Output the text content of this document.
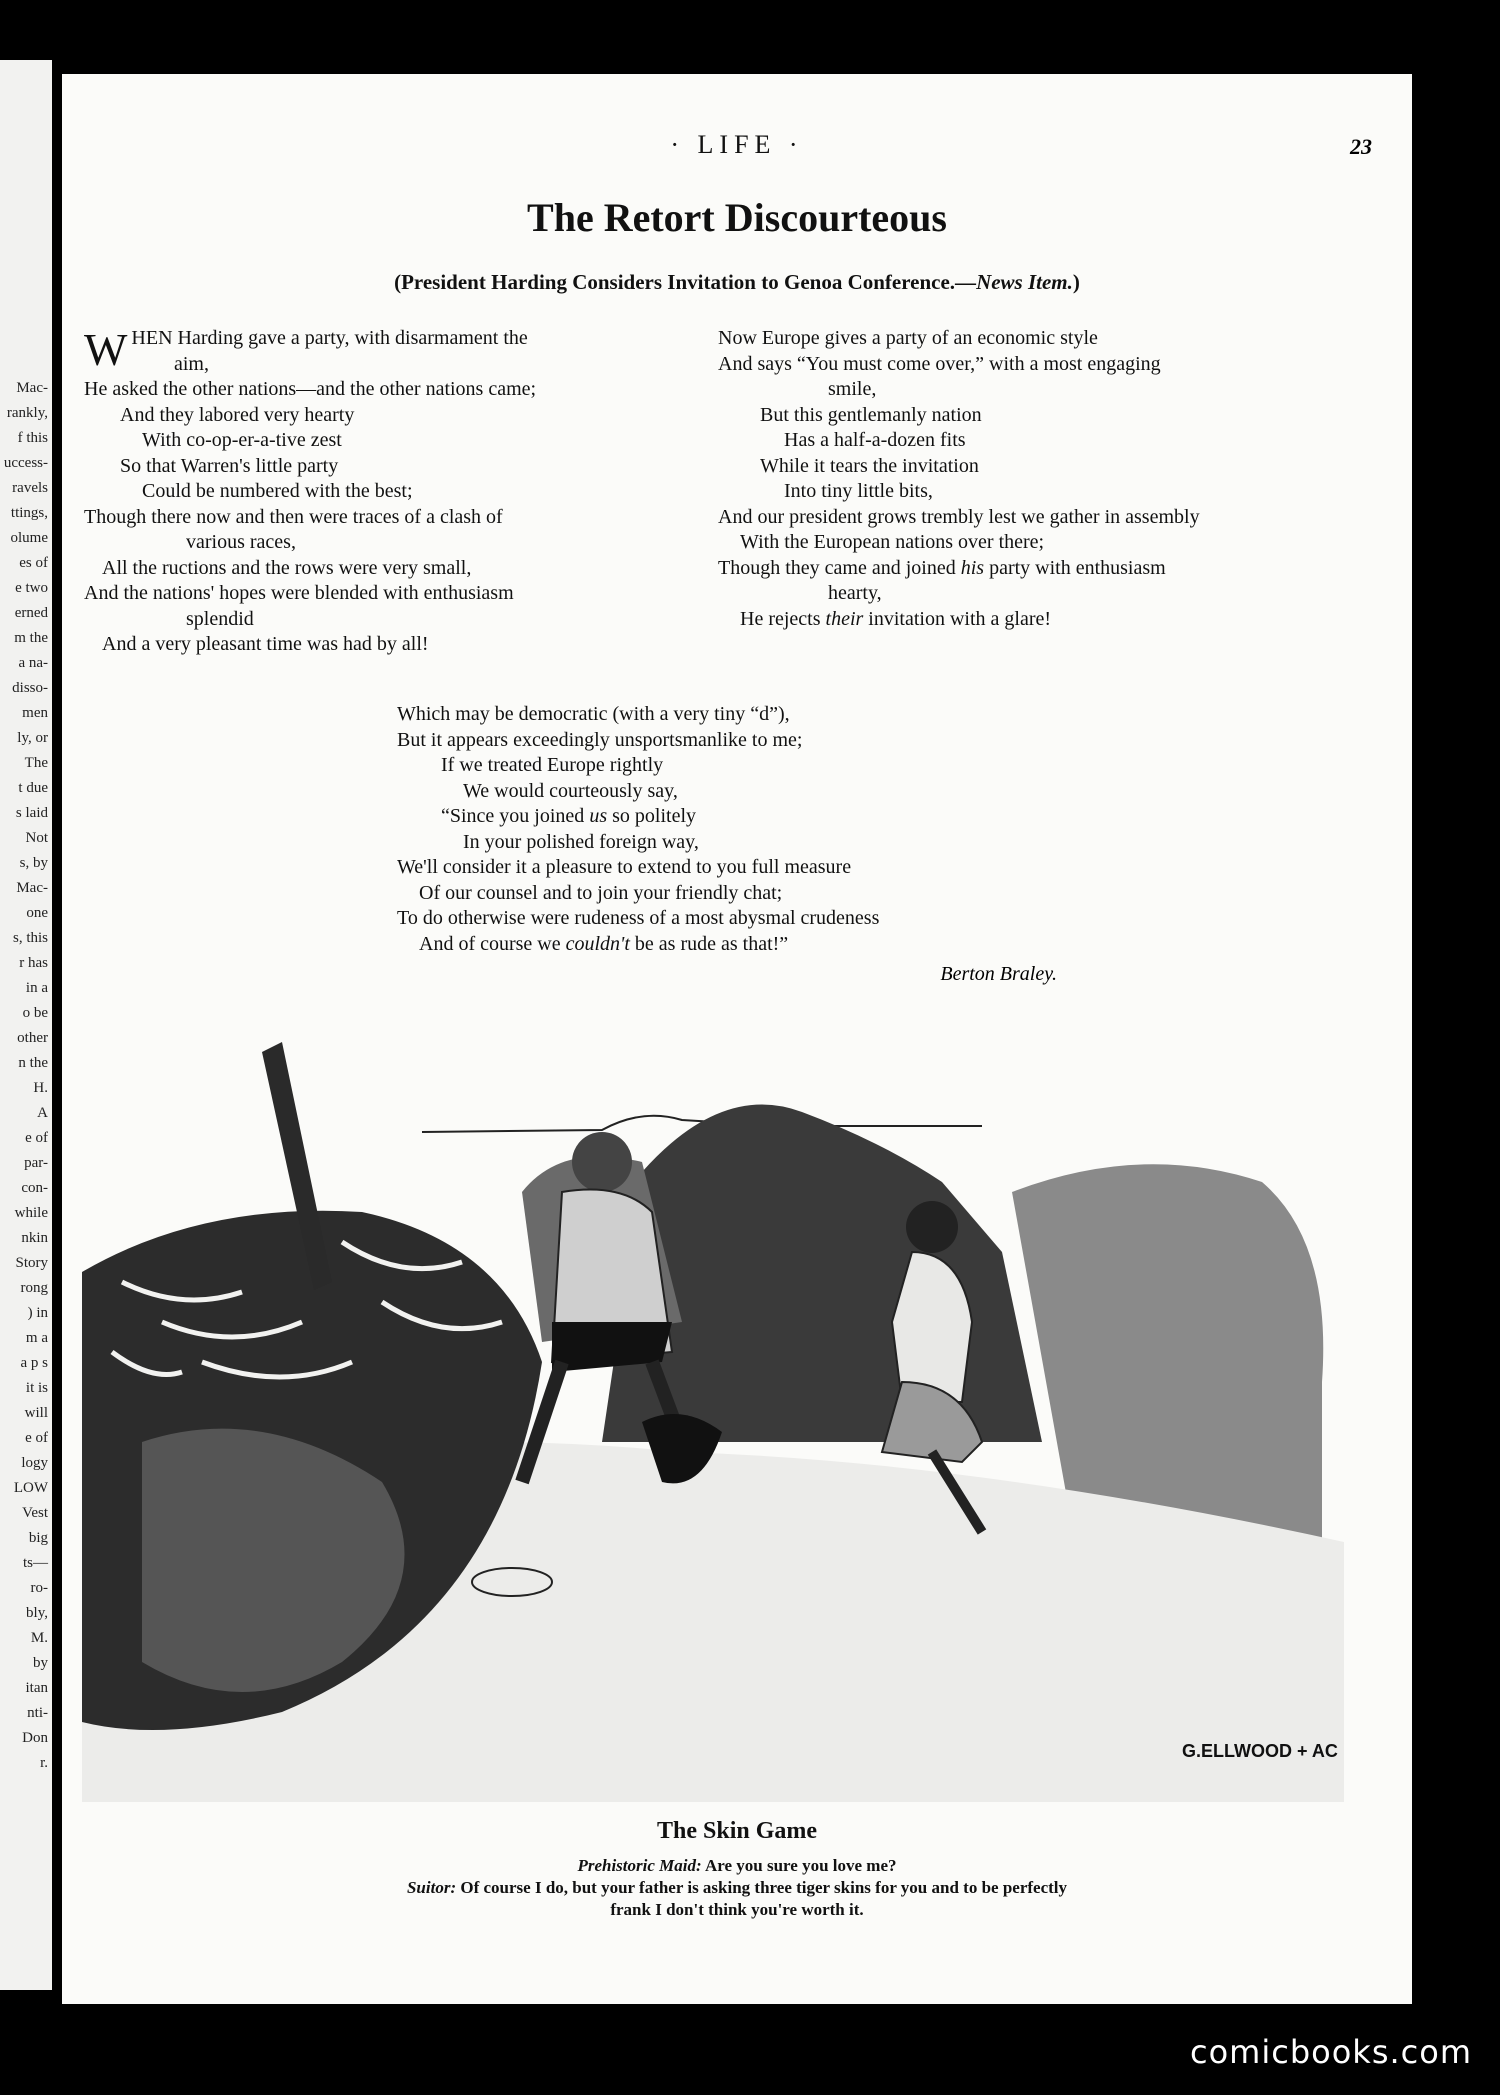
Mac-
rankly,
f this
uccess-
ravels
ttings,
olume
es of
e two
erned
m the
a na-
disso-
men
ly, or
The
t due
s laid
Not
s, by
Mac-
one
s, this
r has
in a
o be
other
n the
H.
A
e of
par-
con-
while
nkin
Story
rong
) in
m a
a p s
it is
will
e of
logy
LOW
Vest
big
ts—
ro-
bly,
M.
by
itan
nti-
Don
r.
· LIFE ·	23
The Retort Discourteous
(President Harding Considers Invitation to Genoa Conference.—News Item.)
W HEN Harding gave a party, with disarmament the
aim,
He asked the other nations—and the other nations came;
And they labored very hearty
With co-op-er-a-tive zest
So that Warren's little party
Could be numbered with the best;
Though there now and then were traces of a clash of
various races,
All the ructions and the rows were very small,
And the nations' hopes were blended with enthusiasm
splendid
And a very pleasant time was had by all!
Now Europe gives a party of an economic style
And says “You must come over,” with a most engaging
smile,
But this gentlemanly nation
Has a half-a-dozen fits
While it tears the invitation
Into tiny little bits,
And our president grows trembly lest we gather in assembly
With the European nations over there;
Though they came and joined his party with enthusiasm
hearty,
He rejects their invitation with a glare!
Which may be democratic (with a very tiny “d”),
But it appears exceedingly unsportsmanlike to me;
If we treated Europe rightly
We would courteously say,
“Since you joined us so politely
In your polished foreign way,
We'll consider it a pleasure to extend to you full measure
Of our counsel and to join your friendly chat;
To do otherwise were rudeness of a most abysmal crudeness
And of course we couldn't be as rude as that!”
Berton Braley.
G.ELLWOOD + AC
The Skin Game
Prehistoric Maid: Are you sure you love me?
Suitor: Of course I do, but your father is asking three tiger skins for you and to be perfectly
frank I don't think you're worth it.
comicbooks.com
